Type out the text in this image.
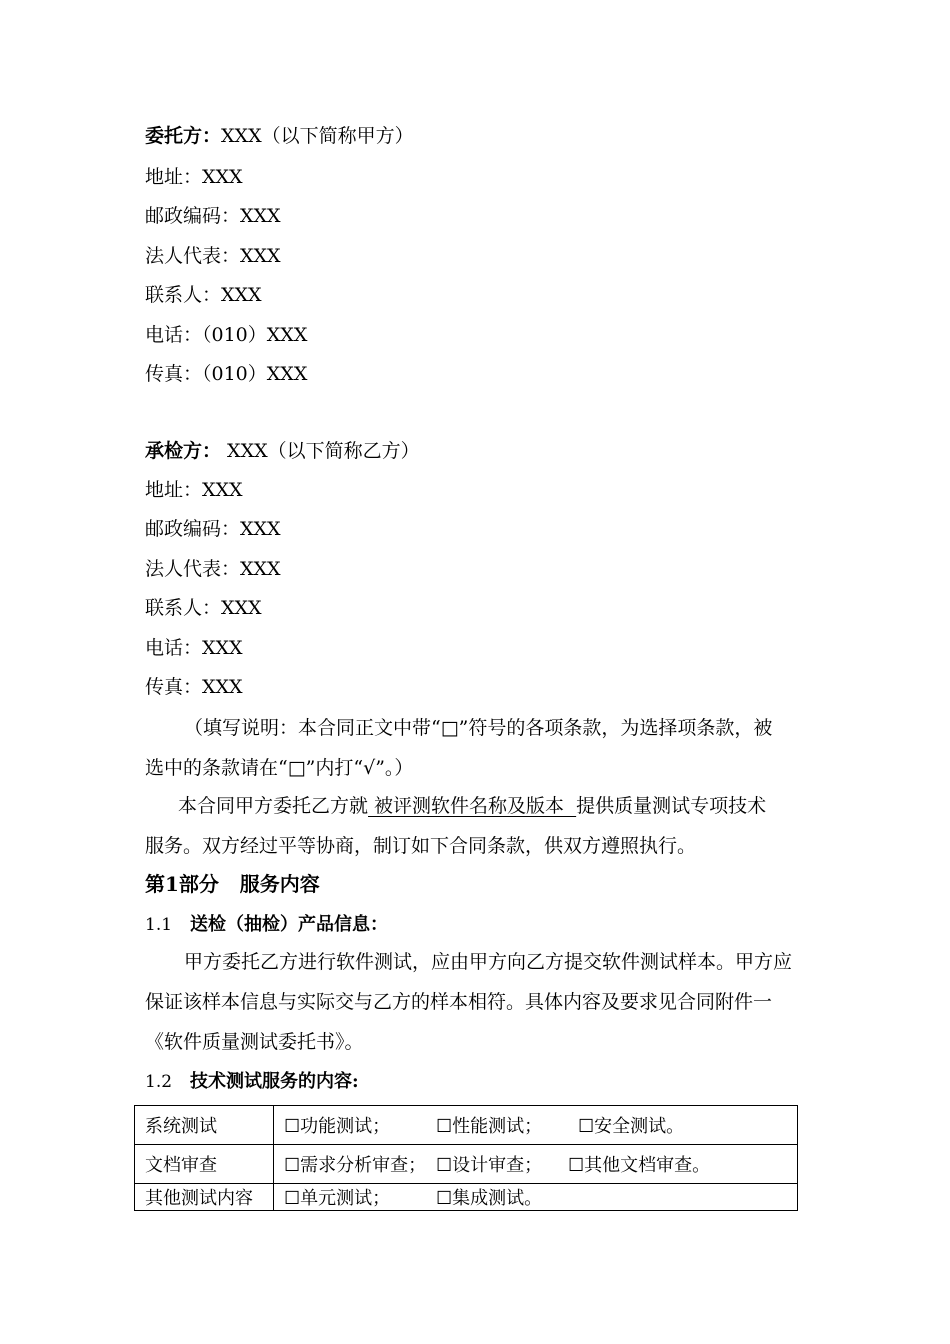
委托方：XXX（以下简称甲方）
地址：XXX
邮政编码：XXX
法人代表：XXX
联系人：XXX
电话：（010）XXX
传真：（010）XXX
承检方： XXX（以下简称乙方）
地址：XXX
邮政编码：XXX
法人代表：XXX
联系人：XXX
电话：XXX
传真：XXX
（填写说明：本合同正文中带“□”符号的各项条款，为选择项条款，被
选中的条款请在“□”内打“√”。）
本合同甲方委托乙方就 被评测软件名称及版本  提供质量测试专项技术
服务。双方经过平等协商，制订如下合同条款，供双方遵照执行。
第1部分   服务内容
1.1 送检（抽检）产品信息：
甲方委托乙方进行软件测试，应由甲方向乙方提交软件测试样本。甲方应
保证该样本信息与实际交与乙方的样本相符。具体内容及要求见合同附件一
《软件质量测试委托书》。
1.2 技术测试服务的内容:
系统测试	☐功能测试； ☐性能测试； ☐安全测试。
文档审查	☐需求分析审查； ☐设计审查； ☐其他文档审查。
其他测试内容	☐单元测试； ☐集成测试。
